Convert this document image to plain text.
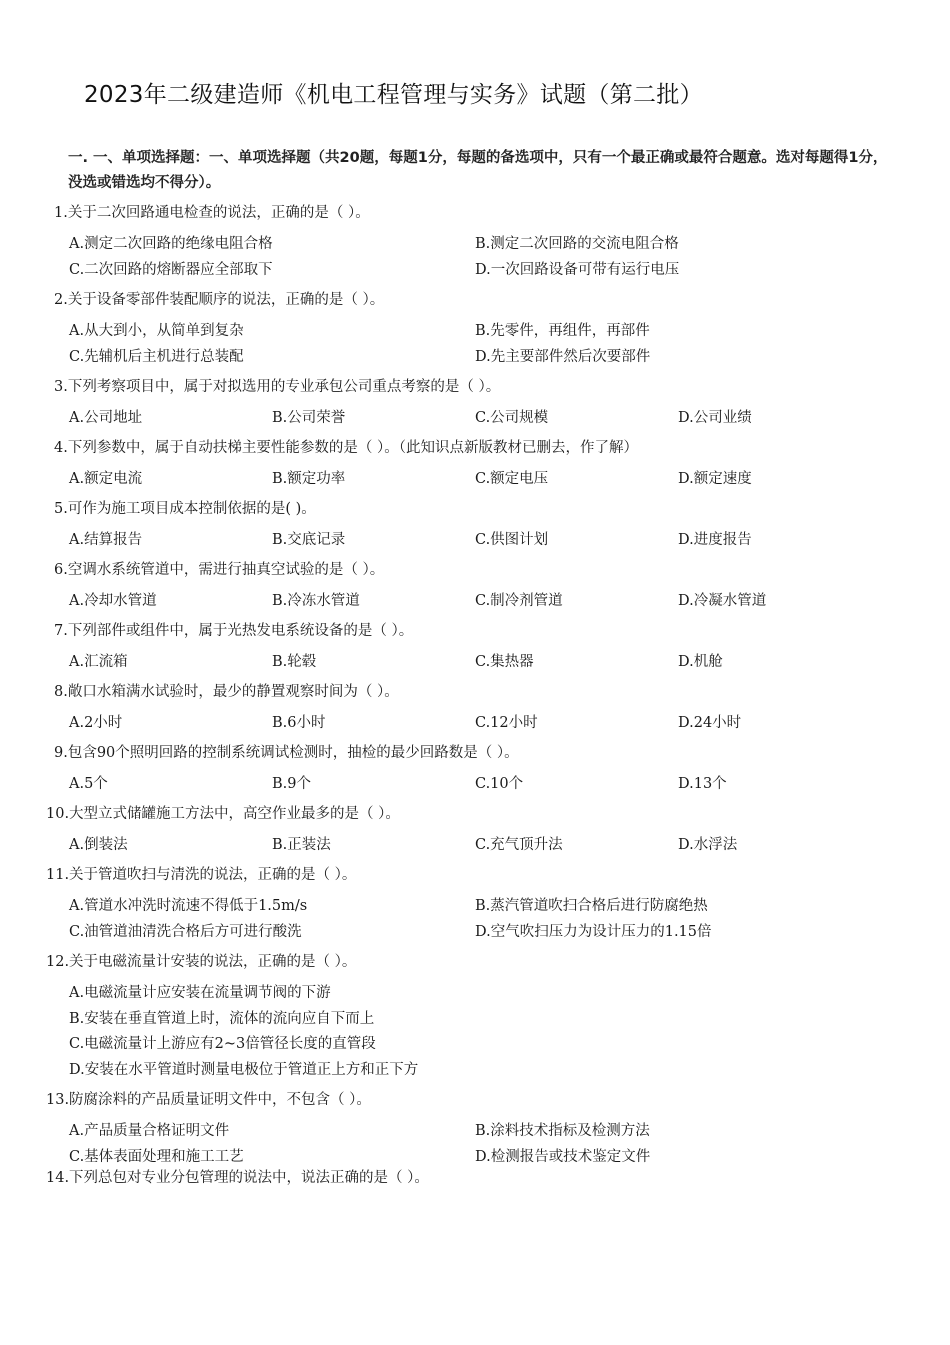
2023年二级建造师《机电工程管理与实务》试题（第二批）
一. 一、单项选择题：一、单项选择题（共20题，每题1分，每题的备选项中，只有一个最正确或最符合题意。选对每题得1分，没选或错选均不得分）。
1.关于二次回路通电检查的说法，正确的是（ ）。
A.测定二次回路的绝缘电阻合格	B.测定二次回路的交流电阻合格
C.二次回路的熔断器应全部取下	D.一次回路设备可带有运行电压
2.关于设备零部件装配顺序的说法，正确的是（ ）。
A.从大到小，从简单到复杂	B.先零件，再组件，再部件
C.先辅机后主机进行总装配	D.先主要部件然后次要部件
3.下列考察项目中，属于对拟选用的专业承包公司重点考察的是（ ）。
A.公司地址	B.公司荣誉	C.公司规模	D.公司业绩
4.下列参数中，属于自动扶梯主要性能参数的是（ ）。（此知识点新版教材已删去，作了解）
A.额定电流	B.额定功率	C.额定电压	D.额定速度
5.可作为施工项目成本控制依据的是( )。
A.结算报告	B.交底记录	C.供图计划	D.进度报告
6.空调水系统管道中，需进行抽真空试验的是（ ）。
A.冷却水管道	B.冷冻水管道	C.制冷剂管道	D.冷凝水管道
7.下列部件或组件中，属于光热发电系统设备的是（ ）。
A.汇流箱	B.轮毂	C.集热器	D.机舱
8.敞口水箱满水试验时，最少的静置观察时间为（ ）。
A.2小时	B.6小时	C.12小时	D.24小时
9.包含90个照明回路的控制系统调试检测时，抽检的最少回路数是（ ）。
A.5个	B.9个	C.10个	D.13个
10.大型立式储罐施工方法中，高空作业最多的是（ ）。
A.倒装法	B.正装法	C.充气顶升法	D.水浮法
11.关于管道吹扫与清洗的说法，正确的是（ ）。
A.管道水冲洗时流速不得低于1.5m/s	B.蒸汽管道吹扫合格后进行防腐绝热
C.油管道油清洗合格后方可进行酸洗	D.空气吹扫压力为设计压力的1.15倍
12.关于电磁流量计安装的说法，正确的是（ ）。
A.电磁流量计应安装在流量调节阀的下游
B.安装在垂直管道上时，流体的流向应自下而上
C.电磁流量计上游应有2~3倍管径长度的直管段
D.安装在水平管道时测量电极位于管道正上方和正下方
13.防腐涂料的产品质量证明文件中，不包含（ ）。
A.产品质量合格证明文件	B.涂料技术指标及检测方法
C.基体表面处理和施工工艺	D.检测报告或技术鉴定文件
14.下列总包对专业分包管理的说法中，说法正确的是（ ）。
